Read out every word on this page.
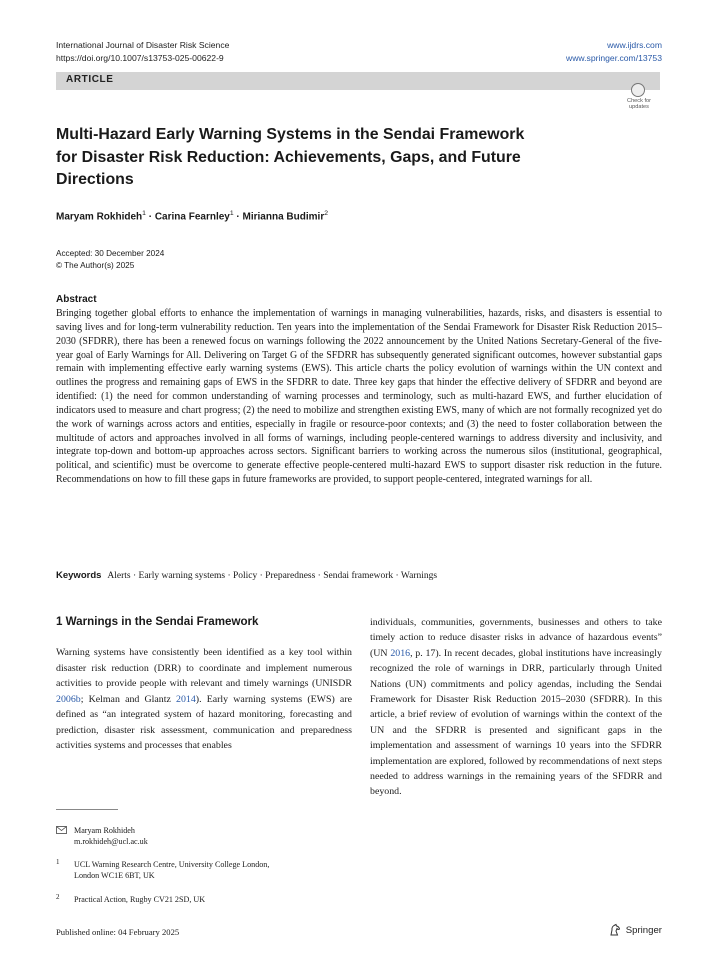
International Journal of Disaster Risk Science
https://doi.org/10.1007/s13753-025-00622-9
www.ijdrs.com
www.springer.com/13753
ARTICLE
Check for
updates
Multi-Hazard Early Warning Systems in the Sendai Framework
for Disaster Risk Reduction: Achievements, Gaps, and Future
Directions
Maryam Rokhideh$^1$ · Carina Fearnley$^1$ · Mirianna Budimir$^2$
Accepted: 30 December 2024
© The Author(s) 2025
Abstract
Bringing together global efforts to enhance the implementation of warnings in managing vulnerabilities, hazards, risks, and disasters is essential to saving lives and for long-term vulnerability reduction. Ten years into the implementation of the Sendai Framework for Disaster Risk Reduction 2015–2030 (SFDRR), there has been a renewed focus on warnings following the 2022 announcement by the United Nations Secretary-General of the five-year goal of Early Warnings for All. Delivering on Target G of the SFDRR has subsequently generated significant outcomes, however substantial gaps remain with implementing effective early warning systems (EWS). This article charts the policy evolution of warnings within the UN context and outlines the progress and remaining gaps of EWS in the SFDRR to date. Three key gaps that hinder the effective delivery of SFDRR and beyond are identified: (1) the need for common understanding of warning processes and terminology, such as multi-hazard EWS, and further elucidation of indicators used to measure and chart progress; (2) the need to mobilize and strengthen existing EWS, many of which are not formally recognized yet do the work of warnings across actors and entities, especially in fragile or resource-poor contexts; and (3) the need to foster collaboration between the multitude of actors and approaches involved in all forms of warnings, including people-centered warnings to address diversity and inclusivity, and integrate top-down and bottom-up approaches across sectors. Significant barriers to working across the numerous silos (institutional, geographical, political, and scientific) must be overcome to generate effective people-centered multi-hazard EWS to support disaster risk reduction in the future. Recommendations on how to fill these gaps in future frameworks are provided, to support people-centered, integrated warnings for all.
Keywords Alerts · Early warning systems · Policy · Preparedness · Sendai framework · Warnings
1 Warnings in the Sendai Framework
Warning systems have consistently been identified as a key tool within disaster risk reduction (DRR) to coordinate and implement numerous activities to provide people with relevant and timely warnings (UNISDR 2006b; Kelman and Glantz 2014). Early warning systems (EWS) are defined as “an integrated system of hazard monitoring, forecasting and prediction, disaster risk assessment, communication and preparedness activities systems and processes that enables
individuals, communities, governments, businesses and others to take timely action to reduce disaster risks in advance of hazardous events” (UN 2016, p. 17). In recent decades, global institutions have increasingly recognized the role of warnings in DRR, particularly through United Nations (UN) commitments and policy agendas, including the Sendai Framework for Disaster Risk Reduction 2015–2030 (SFDRR). In this article, a brief review of evolution of warnings within the context of the UN and the SFDRR is presented and significant gaps in the implementation and assessment of warnings 10 years into the SFDRR implementation are explored, followed by recommendations of next steps needed to address warnings in the remaining years of the SFDRR and beyond.
Maryam Rokhideh
m.rokhideh@ucl.ac.uk
1 UCL Warning Research Centre, University College London,
London WC1E 6BT, UK
2 Practical Action, Rugby CV21 2SD, UK
Published online: 04 February 2025	Springer
